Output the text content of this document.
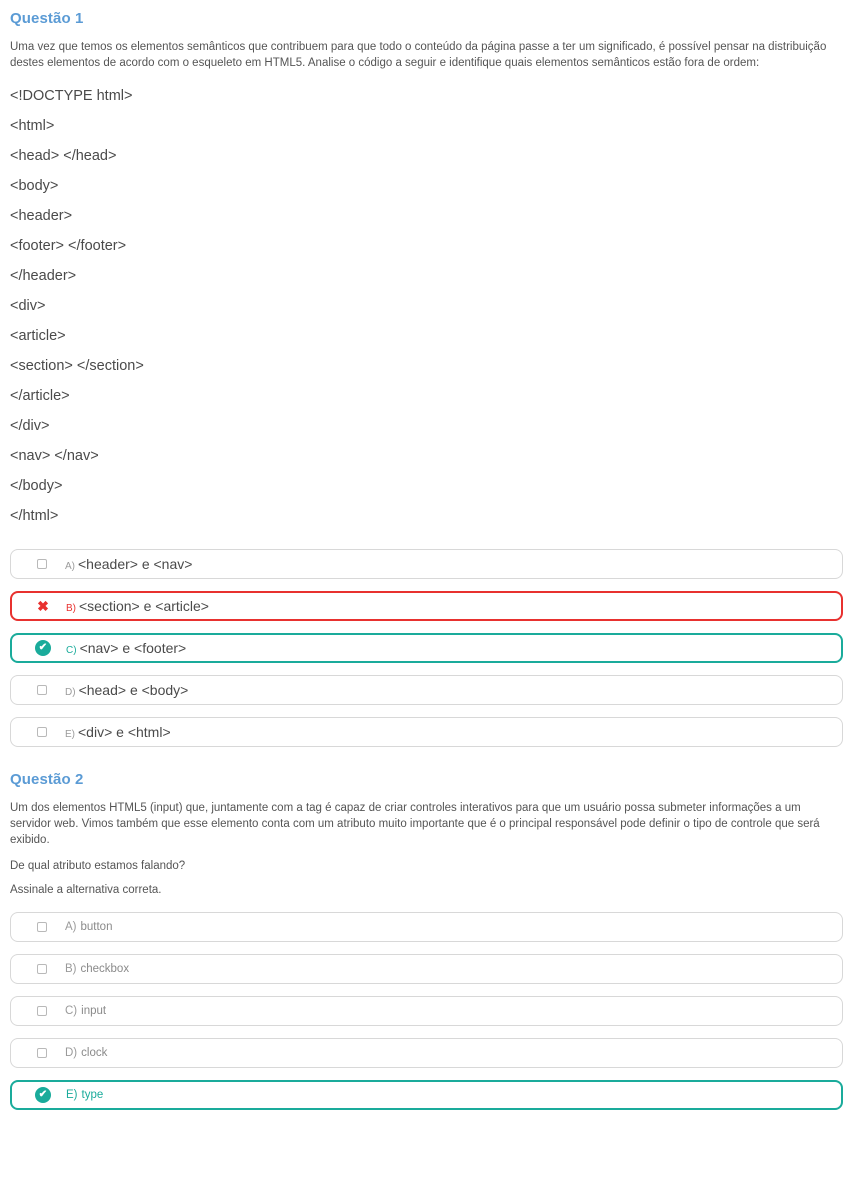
Questão 1

Uma vez que temos os elementos semânticos que contribuem para que todo o conteúdo da página passe a ter um significado, é possível pensar na distribuição destes elementos de acordo com o esqueleto em HTML5. Analise o código a seguir e identifique quais elementos semânticos estão fora de ordem:

<!DOCTYPE html>
<html>
<head> </head>
<body>
<header>
<footer> </footer>
</header>
<div>
<article>
<section> </section>
</article>
</div>
<nav> </nav>
</body>
</html>
A) <header> e <nav>
✖ B) <section> e <article>
✔	C) <nav> e <footer>
D) <head> e <body>
E) <div> e <html>
Questão 2

Um dos elementos HTML5 (input) que, juntamente com a tag é capaz de criar controles interativos para que um usuário possa submeter informações a um servidor web. Vimos também que esse elemento conta com um atributo muito importante que é o principal responsável pode definir o tipo de controle que será exibido.

De qual atributo estamos falando?

Assinale a alternativa correta.

A) button
B) checkbox
C) input
D) clock
✔	E) type
